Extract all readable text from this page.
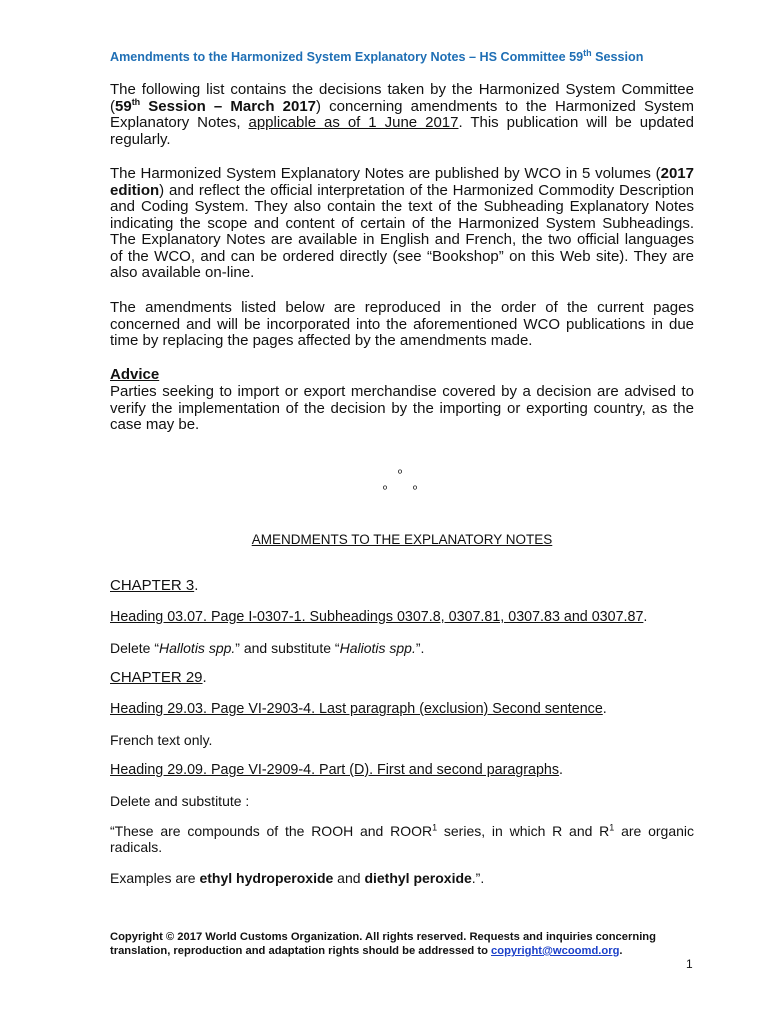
Amendments to the Harmonized System Explanatory Notes – HS Committee 59th Session
The following list contains the decisions taken by the Harmonized System Committee (59th Session – March 2017) concerning amendments to the Harmonized System Explanatory Notes, applicable as of 1 June 2017. This publication will be updated regularly.
The Harmonized System Explanatory Notes are published by WCO in 5 volumes (2017 edition) and reflect the official interpretation of the Harmonized Commodity Description and Coding System. They also contain the text of the Subheading Explanatory Notes indicating the scope and content of certain of the Harmonized System Subheadings. The Explanatory Notes are available in English and French, the two official languages of the WCO, and can be ordered directly (see “Bookshop” on this Web site). They are also available on-line.
The amendments listed below are reproduced in the order of the current pages concerned and will be incorporated into the aforementioned WCO publications in due time by replacing the pages affected by the amendments made.
Advice
Parties seeking to import or export merchandise covered by a decision are advised to verify the implementation of the decision by the importing or exporting country, as the case may be.
º
º º
AMENDMENTS TO THE EXPLANATORY NOTES
CHAPTER 3.
Heading 03.07. Page I-0307-1. Subheadings 0307.8, 0307.81, 0307.83 and 0307.87.
Delete “Hallotis spp.” and substitute “Haliotis spp.”.
CHAPTER 29.
Heading 29.03. Page VI-2903-4. Last paragraph (exclusion) Second sentence.
French text only.
Heading 29.09. Page VI-2909-4. Part (D). First and second paragraphs.
Delete and substitute :
“These are compounds of the ROOH and ROOR$^1$ series, in which R and $R^1$ are organic radicals.
Examples are ethyl hydroperoxide and diethyl peroxide.”.
Copyright © 2017 World Customs Organization. All rights reserved. Requests and inquiries concerning translation, reproduction and adaptation rights should be addressed to copyright@wcoomd.org.
1
